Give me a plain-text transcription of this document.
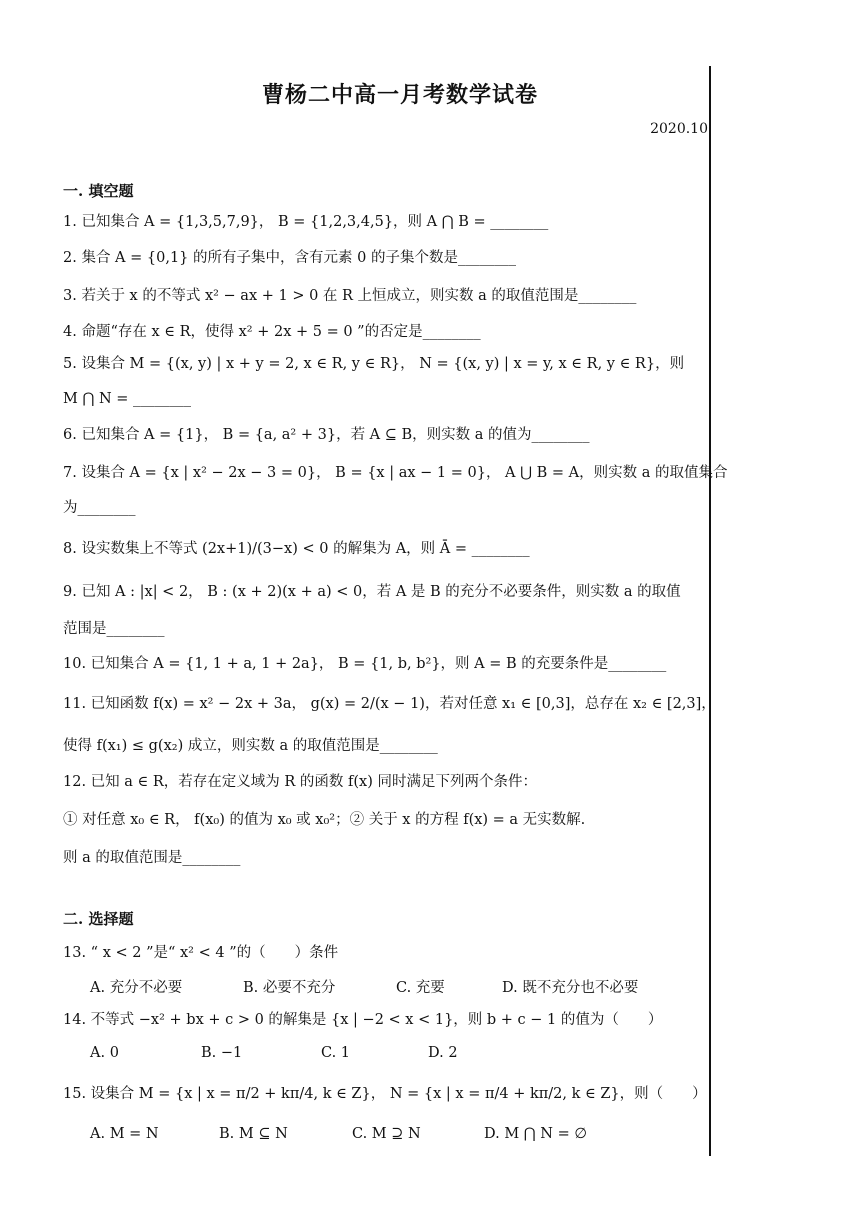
曹杨二中高一月考数学试卷
2020.10
一. 填空题
1. 已知集合 A = {1,3,5,7,9}， B = {1,2,3,4,5}，则 A ⋂ B = ________
2. 集合 A = {0,1} 的所有子集中，含有元素 0 的子集个数是________
3. 若关于 x 的不等式 x² − ax + 1 > 0 在 R 上恒成立，则实数 a 的取值范围是________
4. 命题“存在 x ∈ R，使得 x² + 2x + 5 = 0 ”的否定是________
5. 设集合 M = {(x, y) | x + y = 2, x ∈ R, y ∈ R}， N = {(x, y) | x = y, x ∈ R, y ∈ R}，则
M ⋂ N = ________
6. 已知集合 A = {1}， B = {a, a² + 3}，若 A ⊆ B，则实数 a 的值为________
7. 设集合 A = {x | x² − 2x − 3 = 0}， B = {x | ax − 1 = 0}， A ⋃ B = A，则实数 a 的取值集合
为________
8. 设实数集上不等式 (2x+1)/(3−x) < 0 的解集为 A，则 Ā = ________
9. 已知 A : |x| < 2， B : (x + 2)(x + a) < 0，若 A 是 B 的充分不必要条件，则实数 a 的取值
范围是________
10. 已知集合 A = {1, 1 + a, 1 + 2a}， B = {1, b, b²}，则 A = B 的充要条件是________
11. 已知函数 f(x) = x² − 2x + 3a， g(x) = 2/(x − 1)，若对任意 x₁ ∈ [0,3]，总存在 x₂ ∈ [2,3]，
使得 f(x₁) ≤ g(x₂) 成立，则实数 a 的取值范围是________
12. 已知 a ∈ R，若存在定义域为 R 的函数 f(x) 同时满足下列两个条件：
① 对任意 x₀ ∈ R， f(x₀) 的值为 x₀ 或 x₀²；② 关于 x 的方程 f(x) = a 无实数解.
则 a 的取值范围是________
二. 选择题
13. “ x < 2 ”是“ x² < 4 ”的（　　）条件
A. 充分不必要	B. 必要不充分	C. 充要	D. 既不充分也不必要
14. 不等式 −x² + bx + c > 0 的解集是 {x | −2 < x < 1}，则 b + c − 1 的值为（　　）
A. 0	B. −1	C. 1	D. 2
15. 设集合 M = {x | x = π/2 + kπ/4, k ∈ Z}， N = {x | x = π/4 + kπ/2, k ∈ Z}，则（　　）
A. M = N	B. M ⊆ N	C. M ⊇ N	D. M ⋂ N = ∅
